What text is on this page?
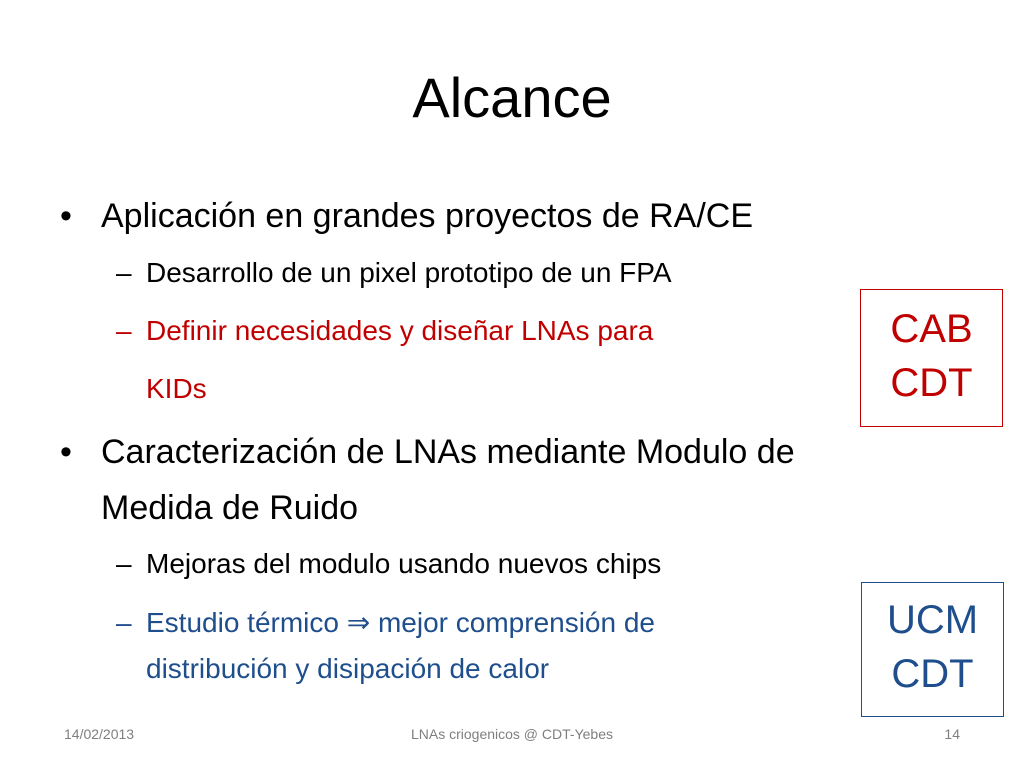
Alcance
• Aplicación en grandes proyectos de RA/CE
– Desarrollo de un pixel prototipo de un FPA
– Definir necesidades y diseñar LNAs para
KIDs
• Caracterización de LNAs mediante Modulo de
Medida de Ruido
– Mejoras del modulo usando nuevos chips
– Estudio térmico ⇒ mejor comprensión de
distribución y disipación de calor
CAB
CDT
UCM
CDT
14/02/2013	LNAs criogenicos @ CDT-Yebes	14
